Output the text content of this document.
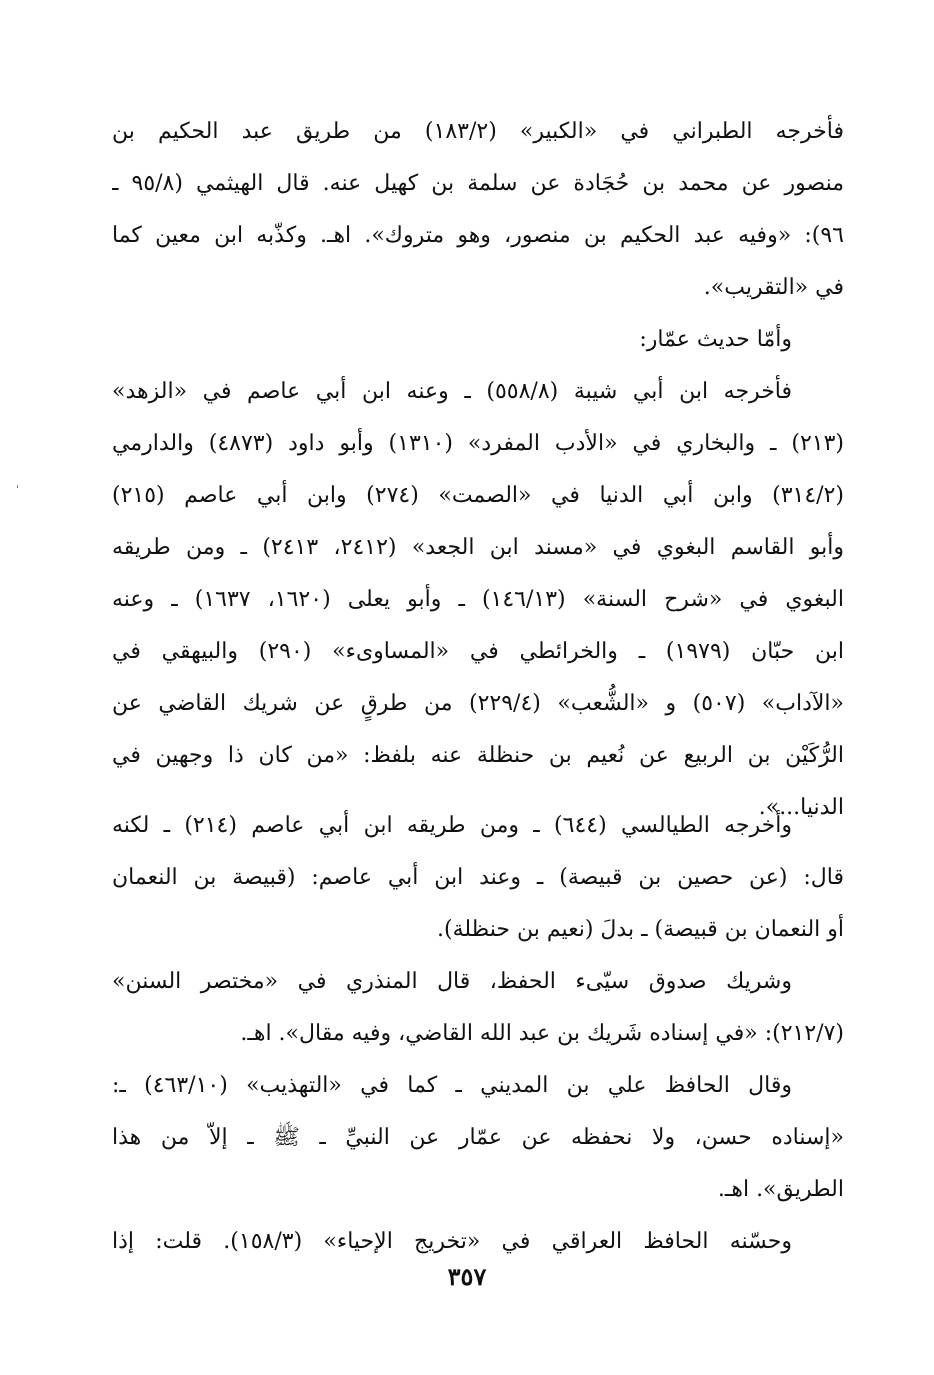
فأخرجه الطبراني في «الكبير» (١٨٣/٢) من طريق عبد الحكيم بن
منصور عن محمد بن حُجَادة عن سلمة بن كهيل عنه. قال الهيثمي (٩٥/٨ ـ
٩٦): «وفيه عبد الحكيم بن منصور، وهو متروك». اهـ. وكذّبه ابن معين كما
في «التقريب».
وأمّا حديث عمّار:
فأخرجه ابن أبي شيبة (٥٥٨/٨) ـ وعنه ابن أبي عاصم في «الزهد»
(٢١٣) ـ والبخاري في «الأدب المفرد» (١٣١٠) وأبو داود (٤٨٧٣) والدارمي
(٣١٤/٢) وابن أبي الدنيا في «الصمت» (٢٧٤) وابن أبي عاصم (٢١٥)
وأبو القاسم البغوي في «مسند ابن الجعد» (٢٤١٢، ٢٤١٣) ـ ومن طريقه
البغوي في «شرح السنة» (١٤٦/١٣) ـ وأبو يعلى (١٦٢٠، ١٦٣٧) ـ وعنه
ابن حبّان (١٩٧٩) ـ والخرائطي في «المساوىء» (٢٩٠) والبيهقي في
«الآداب» (٥٠٧) و «الشُّعب» (٢٢٩/٤) من طرقٍ عن شريك القاضي عن
الرُّكَيْن بن الربيع عن نُعيم بن حنظلة عنه بلفظ: «من كان ذا وجهين في
الدنيا...».
وأخرجه الطيالسي (٦٤٤) ـ ومن طريقه ابن أبي عاصم (٢١٤) ـ لكنه
قال: (عن حصين بن قبيصة) ـ وعند ابن أبي عاصم: (قبيصة بن النعمان
أو النعمان بن قبيصة) ـ بدلَ (نعيم بن حنظلة).
وشريك صدوق سيّىء الحفظ، قال المنذري في «مختصر السنن»
(٢١٢/٧): «في إسناده شَريك بن عبد الله القاضي، وفيه مقال». اهـ.
وقال الحافظ علي بن المديني ـ كما في «التهذيب» (٤٦٣/١٠) ـ:
«إسناده حسن، ولا نحفظه عن عمّار عن النبيِّ ـ ﷺ ـ إلاّ من هذا
الطريق». اهـ.
وحسّنه الحافظ العراقي في «تخريج الإحياء» (١٥٨/٣). قلت: إذا
٣٥٧
